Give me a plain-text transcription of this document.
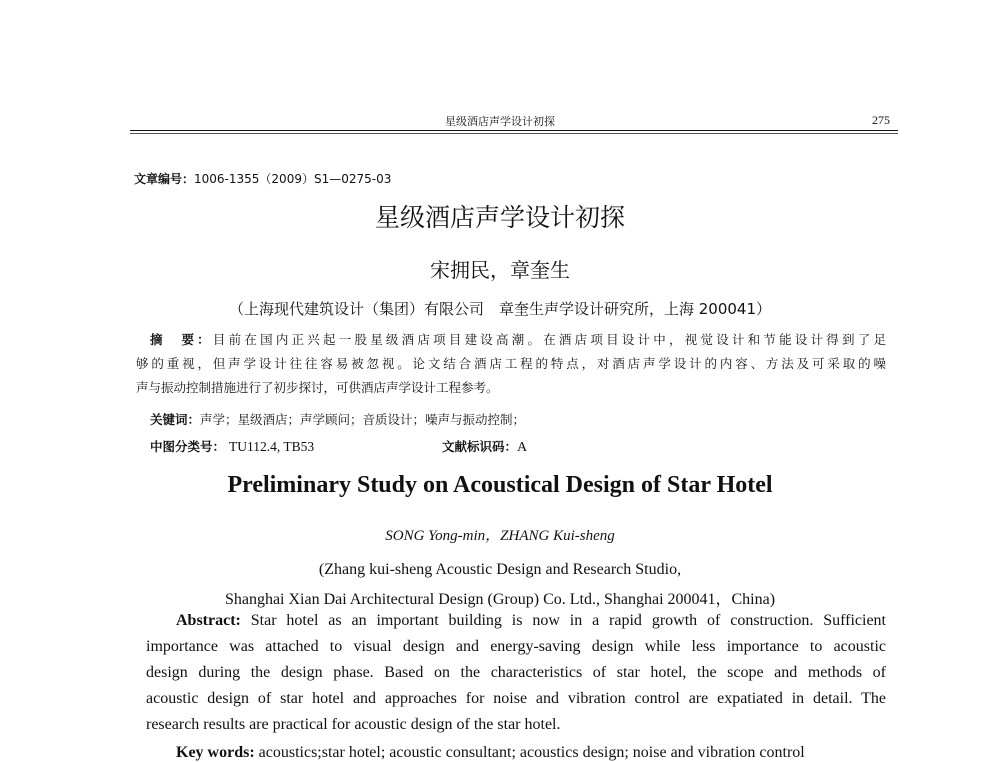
星级酒店声学设计初探	275
文章编号：1006-1355（2009）S1—0275-03
星级酒店声学设计初探
宋拥民，章奎生
（上海现代建筑设计（集团）有限公司　章奎生声学设计研究所，上海 200041）
摘　要：目前在国内正兴起一股星级酒店项目建设高潮。在酒店项目设计中，视觉设计和节能设计得到了足
够的重视，但声学设计往往容易被忽视。论文结合酒店工程的特点，对酒店声学设计的内容、方法及可采取的噪
声与振动控制措施进行了初步探讨，可供酒店声学设计工程参考。
关键词：声学；星级酒店；声学顾问；音质设计；噪声与振动控制；
中图分类号： TU112.4, TB53	文献标识码：A
Preliminary Study on Acoustical Design of Star Hotel
SONG Yong-min，ZHANG Kui-sheng
(Zhang kui-sheng Acoustic Design and Research Studio,
Shanghai Xian Dai Architectural Design (Group) Co. Ltd., Shanghai 200041，China)
Abstract: Star hotel as an important building is now in a rapid growth of construction. Sufficient
importance was attached to visual design and energy-saving design while less importance to acoustic
design during the design phase. Based on the characteristics of star hotel, the scope and methods of
acoustic design of star hotel and approaches for noise and vibration control are expatiated in detail. The
research results are practical for acoustic design of the star hotel.
Key words: acoustics;star hotel; acoustic consultant; acoustics design; noise and vibration control
